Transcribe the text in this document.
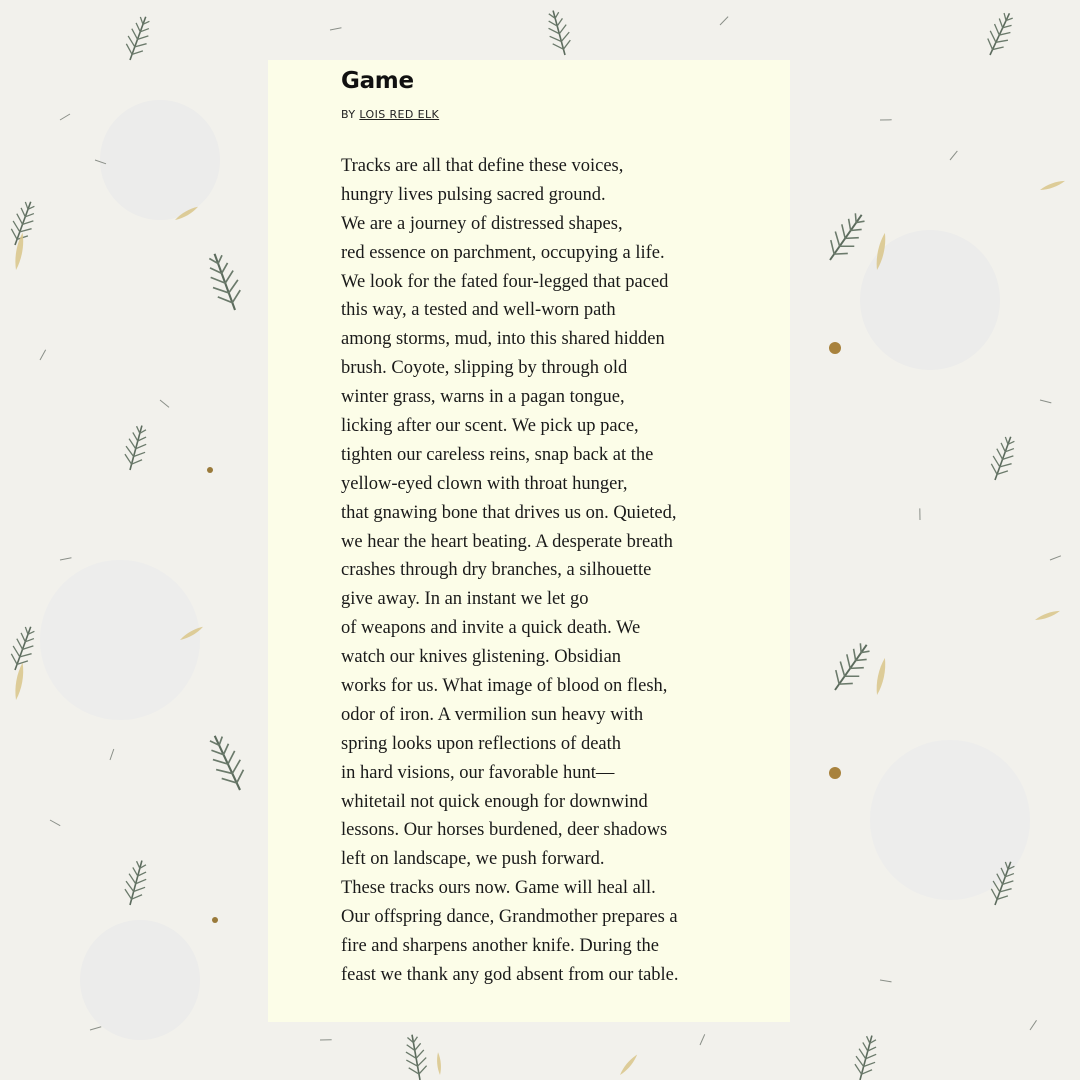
Game
BY LOIS RED ELK
Tracks are all that define these voices,
hungry lives pulsing sacred ground.
We are a journey of distressed shapes,
red essence on parchment, occupying a life.
We look for the fated four-legged that paced
this way, a tested and well-worn path
among storms, mud, into this shared hidden
brush. Coyote, slipping by through old
winter grass, warns in a pagan tongue,
licking after our scent. We pick up pace,
tighten our careless reins, snap back at the
yellow-eyed clown with throat hunger,
that gnawing bone that drives us on. Quieted,
we hear the heart beating. A desperate breath
crashes through dry branches, a silhouette
give away. In an instant we let go
of weapons and invite a quick death. We
watch our knives glistening. Obsidian
works for us. What image of blood on flesh,
odor of iron. A vermilion sun heavy with
spring looks upon reflections of death
in hard visions, our favorable hunt—
whitetail not quick enough for downwind
lessons. Our horses burdened, deer shadows
left on landscape, we push forward.
These tracks ours now. Game will heal all.
Our offspring dance, Grandmother prepares a
fire and sharpens another knife. During the
feast we thank any god absent from our table.
